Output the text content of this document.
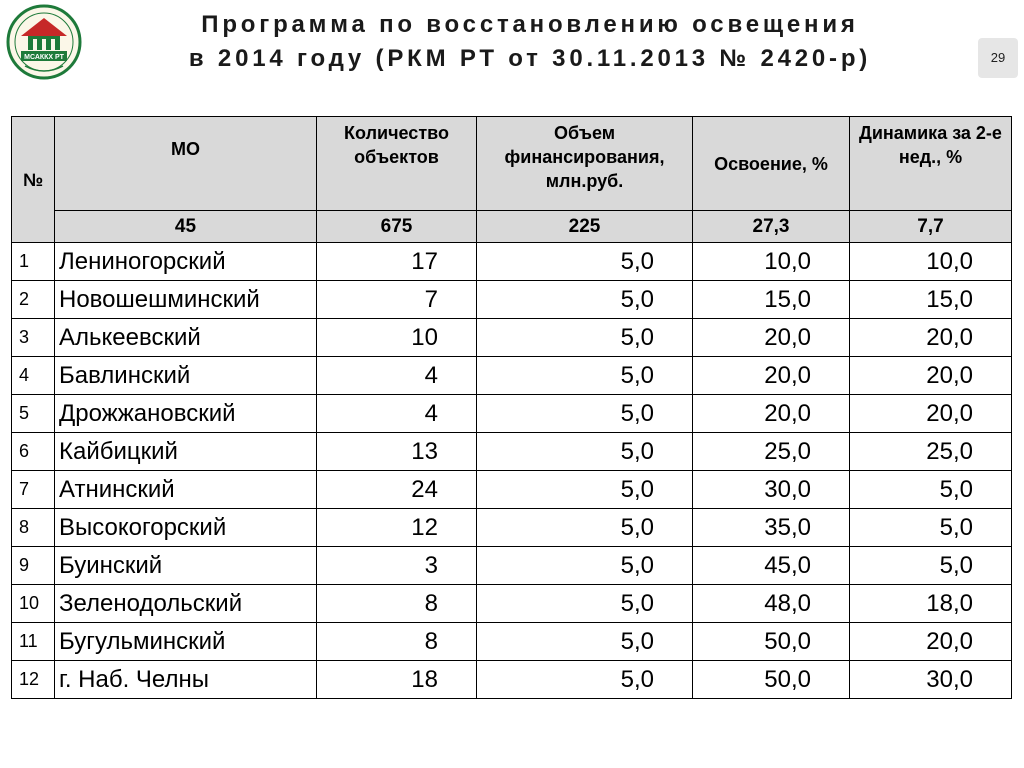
МСАККХ РТ
Программа по восстановлению освещения
в 2014 году (РКМ РТ от 30.11.2013 № 2420-р)	29
№	МО	Количество объектов	Объем финансирования, млн.руб.	Освоение, %	Динамика за 2-е нед., %
	45	675	225	27,3	7,7
1	Лениногорский	17	5,0	10,0	10,0
2	Новошешминский	7	5,0	15,0	15,0
3	Алькеевский	10	5,0	20,0	20,0
4	Бавлинский	4	5,0	20,0	20,0
5	Дрожжановский	4	5,0	20,0	20,0
6	Кайбицкий	13	5,0	25,0	25,0
7	Атнинский	24	5,0	30,0	5,0
8	Высокогорский	12	5,0	35,0	5,0
9	Буинский	3	5,0	45,0	5,0
10	Зеленодольский	8	5,0	48,0	18,0
11	Бугульминский	8	5,0	50,0	20,0
12	г. Наб. Челны	18	5,0	50,0	30,0
